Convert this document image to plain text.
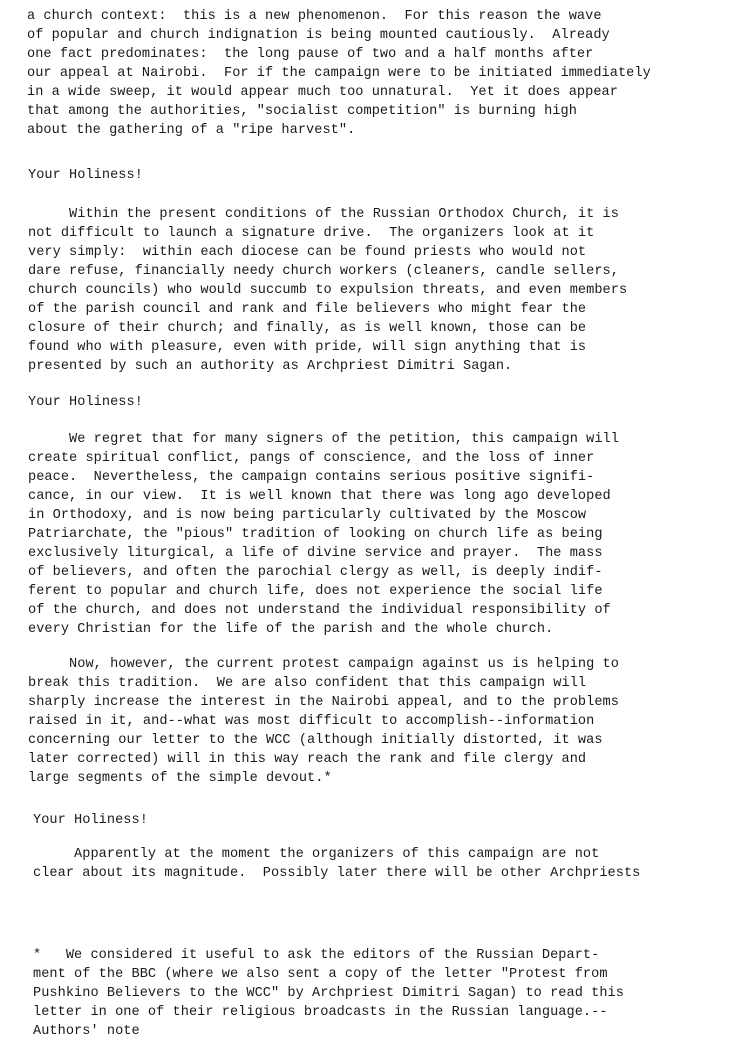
a church context:  this is a new phenomenon.  For this reason the wave
of popular and church indignation is being mounted cautiously.  Already
one fact predominates:  the long pause of two and a half months after
our appeal at Nairobi.  For if the campaign were to be initiated immediately
in a wide sweep, it would appear much too unnatural.  Yet it does appear
that among the authorities, "socialist competition" is burning high
about the gathering of a "ripe harvest".
Your Holiness!
Within the present conditions of the Russian Orthodox Church, it is
not difficult to launch a signature drive.  The organizers look at it
very simply:  within each diocese can be found priests who would not
dare refuse, financially needy church workers (cleaners, candle sellers,
church councils) who would succumb to expulsion threats, and even members
of the parish council and rank and file believers who might fear the
closure of their church; and finally, as is well known, those can be
found who with pleasure, even with pride, will sign anything that is
presented by such an authority as Archpriest Dimitri Sagan.
Your Holiness!
We regret that for many signers of the petition, this campaign will
create spiritual conflict, pangs of conscience, and the loss of inner
peace.  Nevertheless, the campaign contains serious positive signifi-
cance, in our view.  It is well known that there was long ago developed
in Orthodoxy, and is now being particularly cultivated by the Moscow
Patriarchate, the "pious" tradition of looking on church life as being
exclusively liturgical, a life of divine service and prayer.  The mass
of believers, and often the parochial clergy as well, is deeply indif-
ferent to popular and church life, does not experience the social life
of the church, and does not understand the individual responsibility of
every Christian for the life of the parish and the whole church.
Now, however, the current protest campaign against us is helping to
break this tradition.  We are also confident that this campaign will
sharply increase the interest in the Nairobi appeal, and to the problems
raised in it, and--what was most difficult to accomplish--information
concerning our letter to the WCC (although initially distorted, it was
later corrected) will in this way reach the rank and file clergy and
large segments of the simple devout.*
Your Holiness!
Apparently at the moment the organizers of this campaign are not
clear about its magnitude.  Possibly later there will be other Archpriests
*   We considered it useful to ask the editors of the Russian Depart-
ment of the BBC (where we also sent a copy of the letter "Protest from
Pushkino Believers to the WCC" by Archpriest Dimitri Sagan) to read this
letter in one of their religious broadcasts in the Russian language.--
Authors' note
